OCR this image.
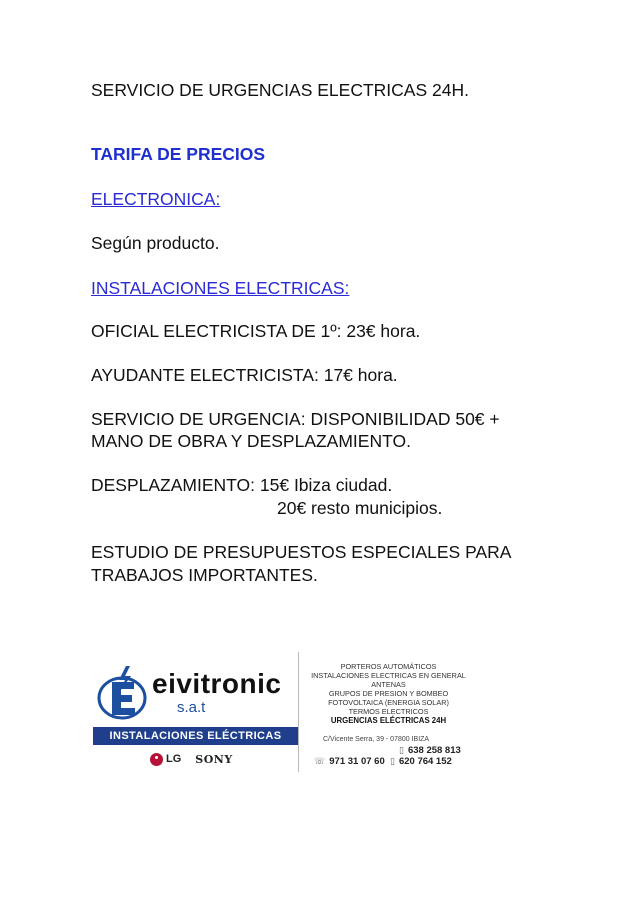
SERVICIO DE URGENCIAS ELECTRICAS 24H.
TARIFA DE PRECIOS
ELECTRONICA:
Según producto.
INSTALACIONES ELECTRICAS:
OFICIAL ELECTRICISTA DE 1º: 23€ hora.
AYUDANTE ELECTRICISTA: 17€ hora.
SERVICIO DE URGENCIA: DISPONIBILIDAD 50€ +
MANO DE OBRA Y DESPLAZAMIENTO.
DESPLAZAMIENTO: 15€ Ibiza ciudad.
20€ resto municipios.
ESTUDIO DE PRESUPUESTOS ESPECIALES PARA
TRABAJOS IMPORTANTES.
eivitronic
s.a.t
INSTALACIONES ELÉCTRICAS
LG SONY
PORTEROS AUTOMÁTICOS
INSTALACIONES ELECTRICAS EN GENERAL
ANTENAS
GRUPOS DE PRESION Y BOMBEO
FOTOVOLTAICA (ENERGIA SOLAR)
TERMOS ELECTRICOS
URGENCIAS ELÉCTRICAS 24H
C/Vicente Serra, 39 - 07800 IBIZA
▯ 638 258 813
☏ 971 31 07 60 ▯ 620 764 152
